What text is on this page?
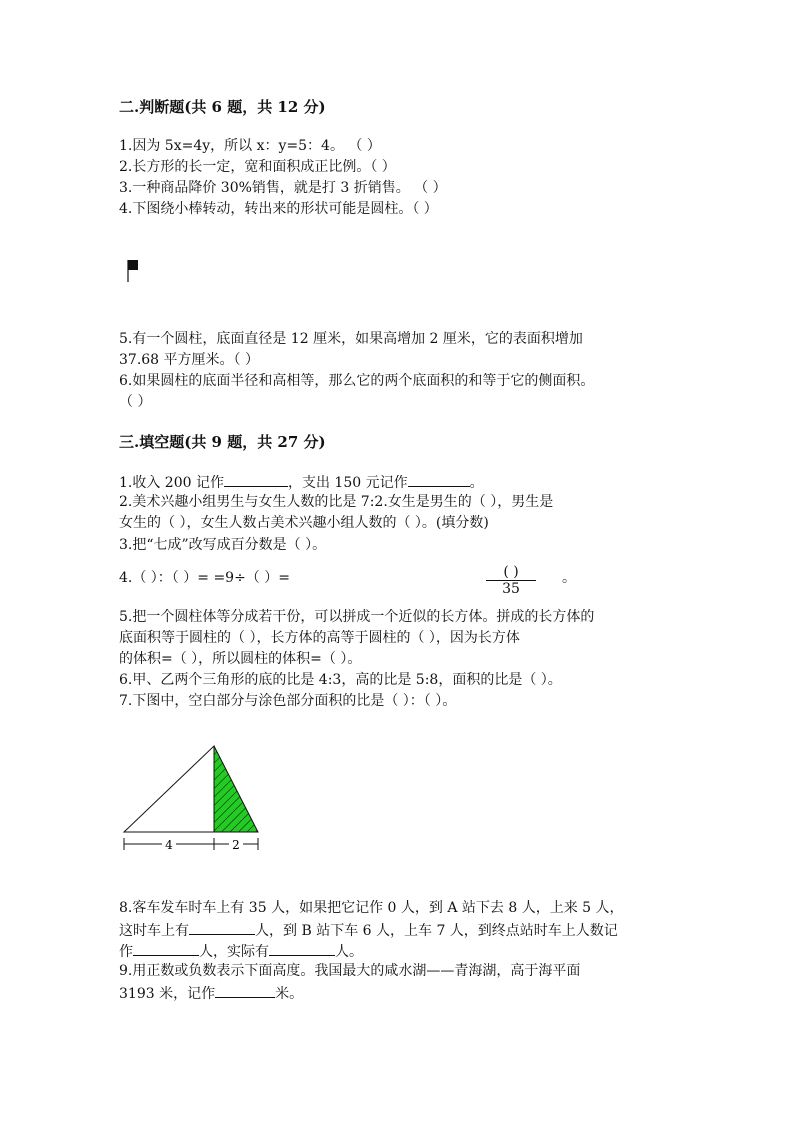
二.判断题(共 6 题，共 12 分)
1.因为 5x=4y，所以 x：y=5：4。 （ ）
2.长方形的长一定，宽和面积成正比例。（ ）
3.一种商品降价 30%销售，就是打 3 折销售。 （ ）
4.下图绕小棒转动，转出来的形状可能是圆柱。（ ）
5.有一个圆柱，底面直径是 12 厘米，如果高增加 2 厘米，它的表面积增加
37.68 平方厘米。（ ）
6.如果圆柱的底面半径和高相等，那么它的两个底面积的和等于它的侧面积。
（ ）
三.填空题(共 9 题，共 27 分)
1.收入 200 记作	，支出 150 元记作	。
2.美术兴趣小组男生与女生人数的比是 7:2.女生是男生的（ ），男生是
女生的（ ），女生人数占美术兴趣小组人数的（ ）。(填分数)
3.把“七成”改写成百分数是（ ）。
4.（ ）：（ ）= =9÷（ ）=	( )
35
。
5.把一个圆柱体等分成若干份，可以拼成一个近似的长方体。拼成的长方体的
底面积等于圆柱的（ ），长方体的高等于圆柱的（ ），因为长方体
的体积=（ ），所以圆柱的体积=（ ）。
6.甲、乙两个三角形的底的比是 4:3，高的比是 5:8，面积的比是（ ）。
7.下图中，空白部分与涂色部分面积的比是（ ）：（ ）。
4	2
8.客车发车时车上有 35 人，如果把它记作 0 人，到 A 站下去 8 人，上来 5 人，
这时车上有	人，到 B 站下车 6 人，上车 7 人，到终点站时车上人数记
作	人，实际有	人。
9.用正数或负数表示下面高度。我国最大的咸水湖——青海湖，高于海平面
3193 米，记作	米。
